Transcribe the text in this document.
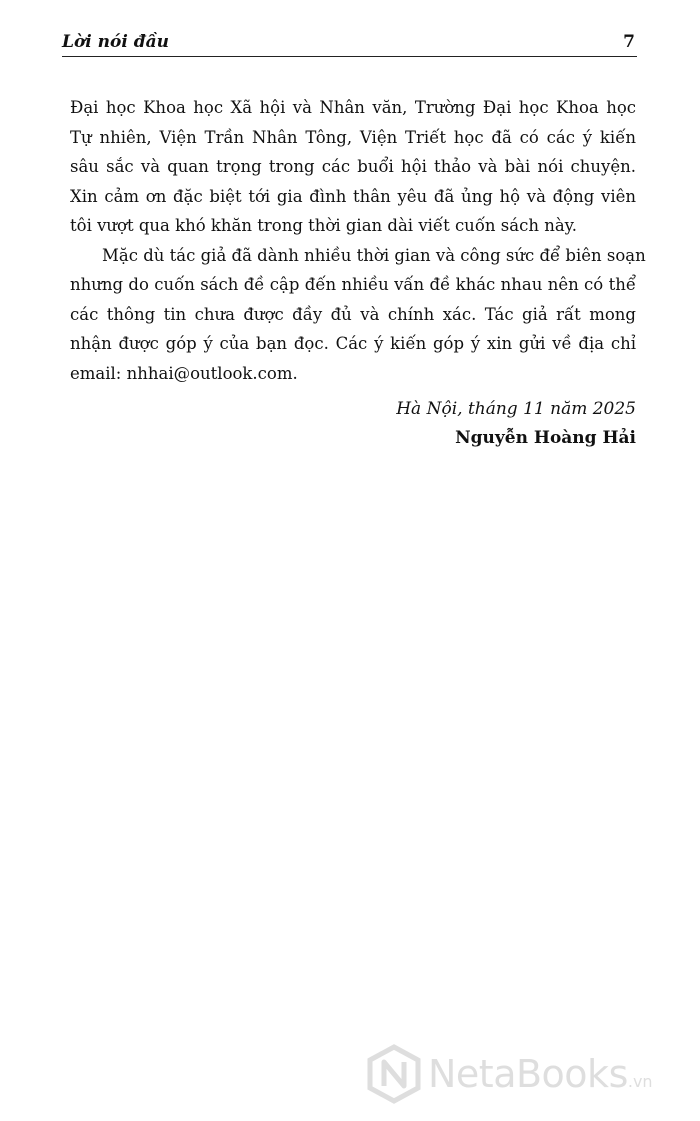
Lời nói đầu	7

Đại học Khoa học Xã hội và Nhân văn, Trường Đại học Khoa học
Tự nhiên, Viện Trần Nhân Tông, Viện Triết học đã có các ý kiến
sâu sắc và quan trọng trong các buổi hội thảo và bài nói chuyện.
Xin cảm ơn đặc biệt tới gia đình thân yêu đã ủng hộ và động viên
tôi vượt qua khó khăn trong thời gian dài viết cuốn sách này.

Mặc dù tác giả đã dành nhiều thời gian và công sức để biên soạn
nhưng do cuốn sách đề cập đến nhiều vấn đề khác nhau nên có thể
các thông tin chưa được đầy đủ và chính xác. Tác giả rất mong
nhận được góp ý của bạn đọc. Các ý kiến góp ý xin gửi về địa chỉ
email: nhhai@outlook.com.

Hà Nội, tháng 11 năm 2025
Nguyễn Hoàng Hải
NetaBooks.vn
